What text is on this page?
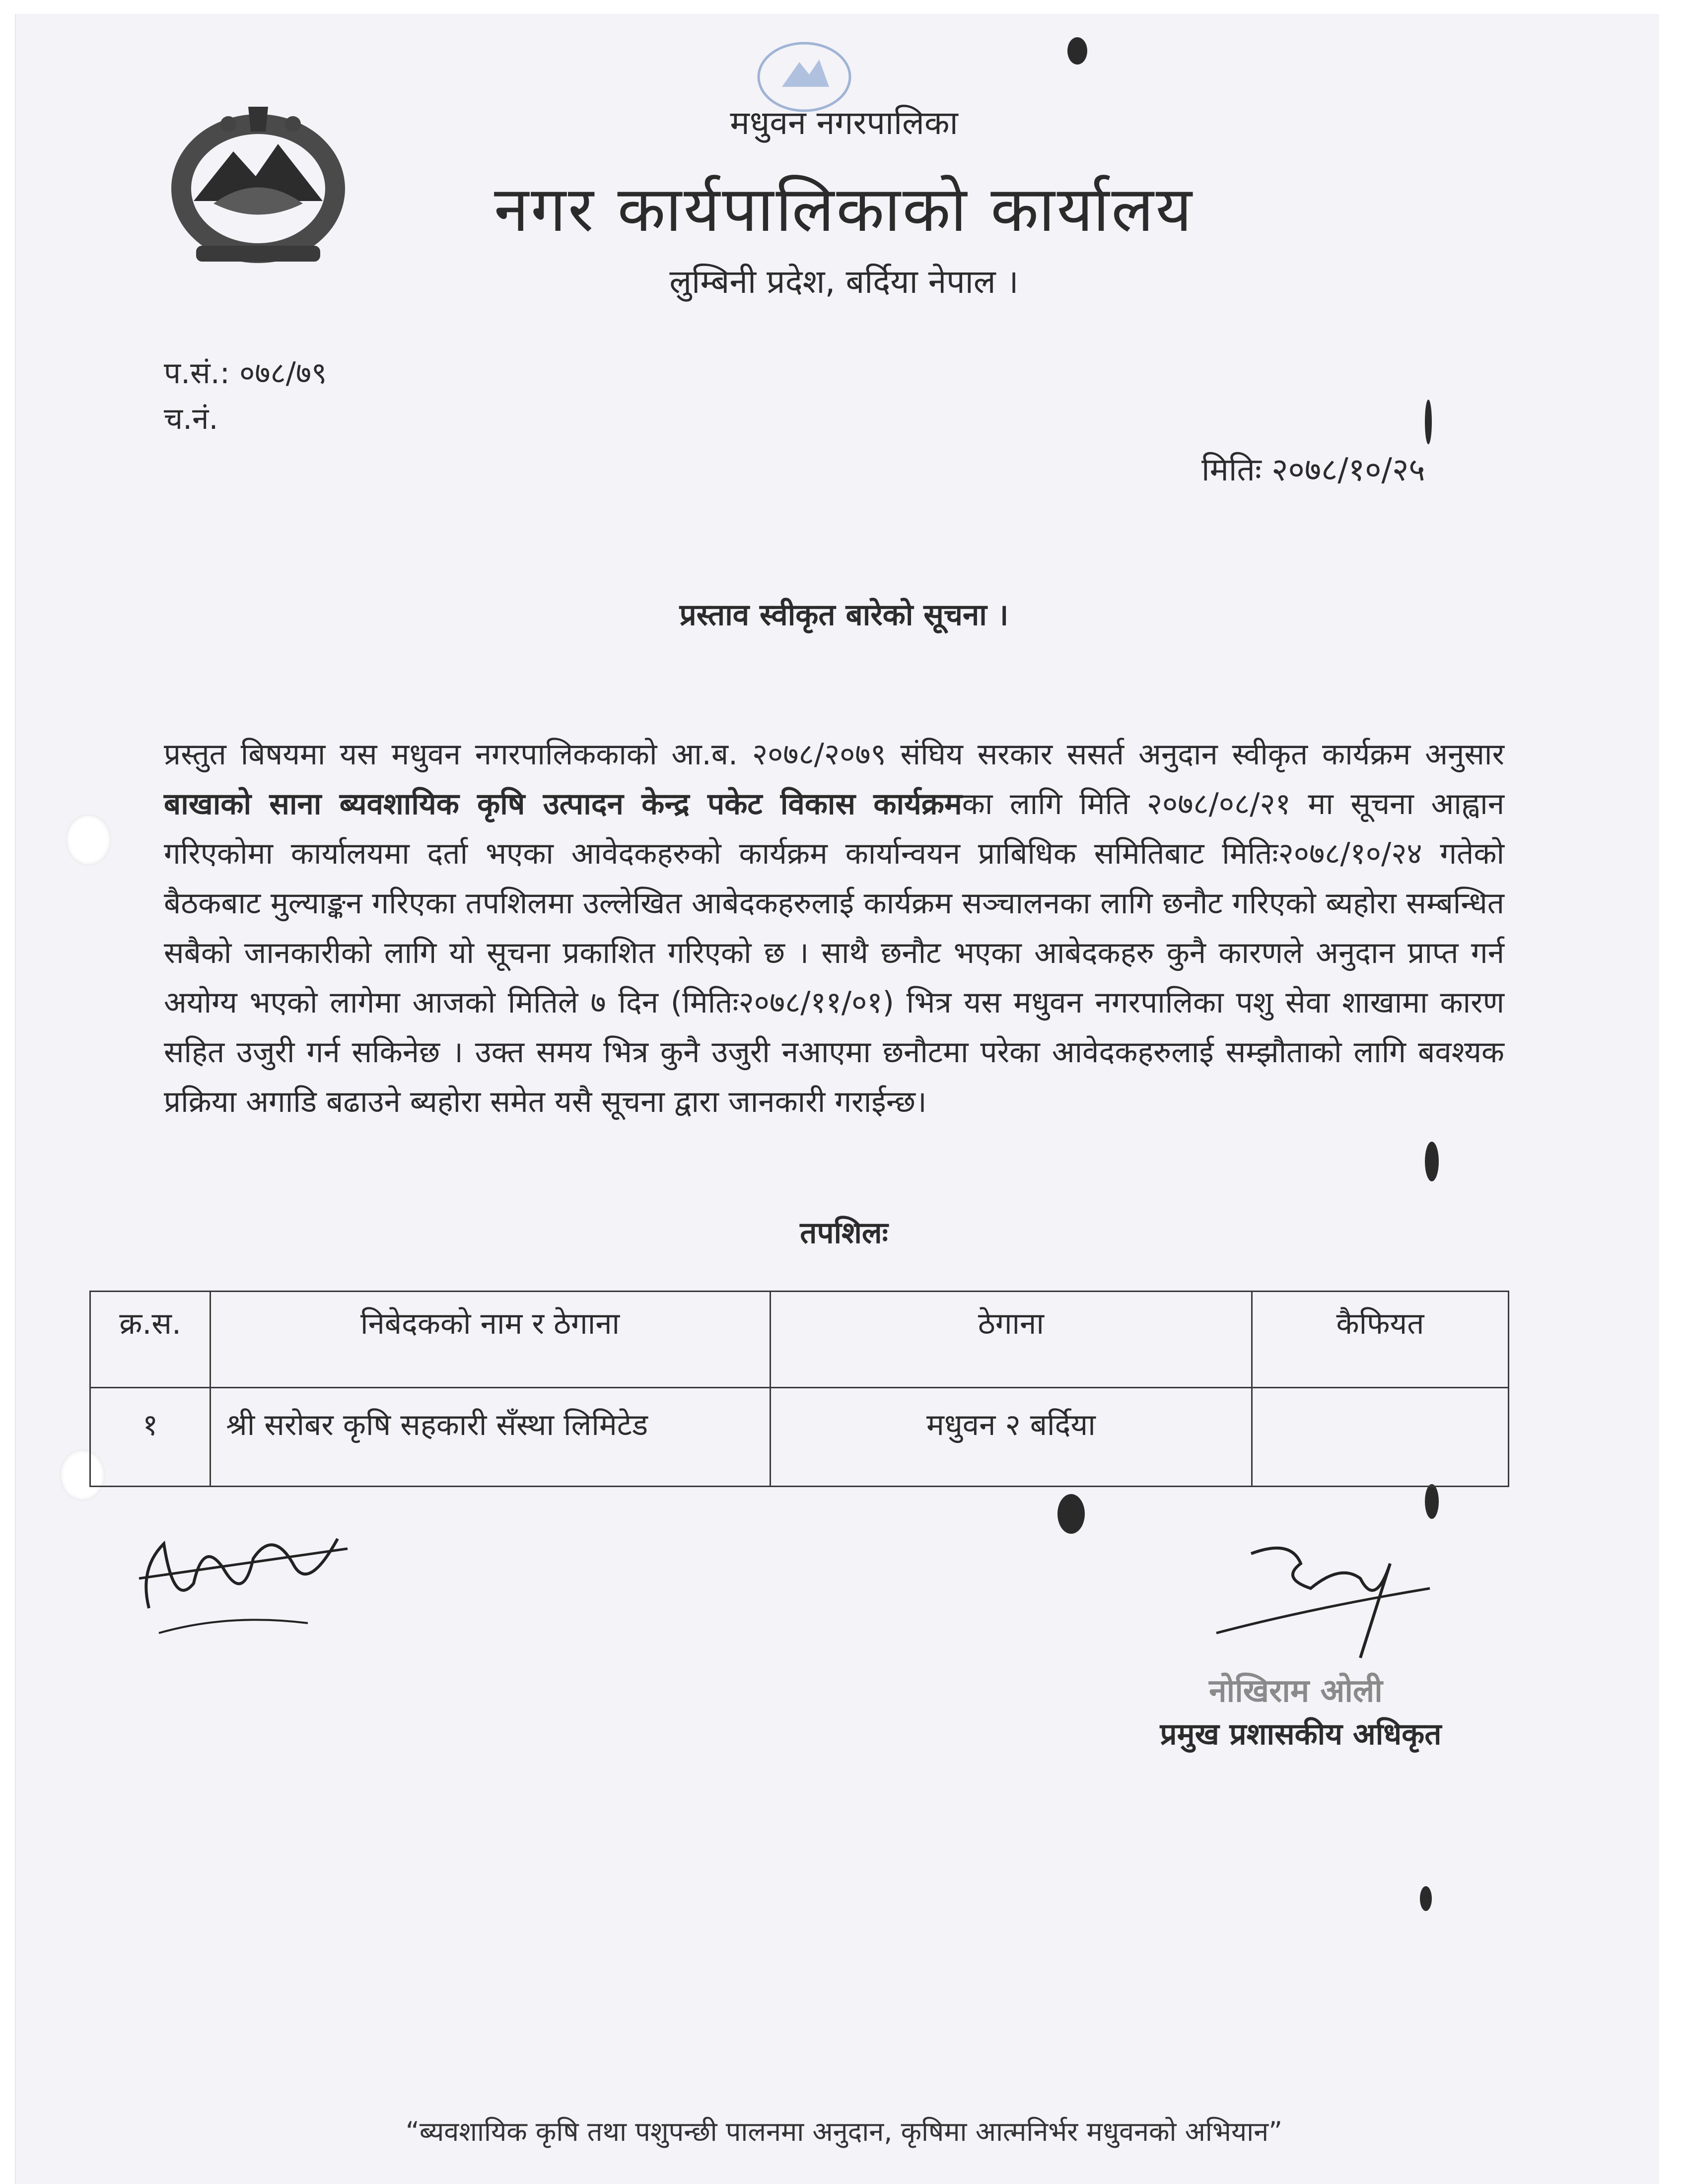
मधुवन नगरपालिका
नगर कार्यपालिकाको कार्यालय
लुम्बिनी प्रदेश, बर्दिया नेपाल ।
प.सं.: ०७८/७९
च.नं.
मितिः २०७८/१०/२५
प्रस्ताव स्वीकृत बारेको सूचना ।
प्रस्तुत बिषयमा यस मधुवन नगरपालिककाको आ.ब. २०७८/२०७९ संघिय सरकार ससर्त अनुदान स्वीकृत कार्यक्रम अनुसार बाखाको साना ब्यवशायिक कृषि उत्पादन केन्द्र पकेट विकास कार्यक्रमका लागि मिति २०७८/०८/२१ मा सूचना आह्वान गरिएकोमा कार्यालयमा दर्ता भएका आवेदकहरुको कार्यक्रम कार्यान्वयन प्राबिधिक समितिबाट मितिः२०७८/१०/२४ गतेको बैठकबाट मुल्याङ्कन गरिएका तपशिलमा उल्लेखित आबेदकहरुलाई कार्यक्रम सञ्चालनका लागि छनौट गरिएको ब्यहोरा सम्बन्धित सबैको जानकारीको लागि यो सूचना प्रकाशित गरिएको छ । साथै छनौट भएका आबेदकहरु कुनै कारणले अनुदान प्राप्त गर्न अयोग्य भएको लागेमा आजको मितिले ७ दिन (मितिः२०७८/११/०१) भित्र यस मधुवन नगरपालिका पशु सेवा शाखामा कारण सहित उजुरी गर्न सकिनेछ । उक्त समय भित्र कुनै उजुरी नआएमा छनौटमा परेका आवेदकहरुलाई सम्झौताको लागि बवश्यक प्रक्रिया अगाडि बढाउने ब्यहोरा समेत यसै सूचना द्वारा जानकारी गराईन्छ।
तपशिलः
क्र.स.	निबेदकको नाम र ठेगाना	ठेगाना	कैफियत
१	श्री सरोबर कृषि सहकारी सँस्था लिमिटेड	मधुवन २ बर्दिया	
नोखिराम ओली
प्रमुख प्रशासकीय अधिकृत
“ब्यवशायिक कृषि तथा पशुपन्छी पालनमा अनुदान, कृषिमा आत्मनिर्भर मधुवनको अभियान”
